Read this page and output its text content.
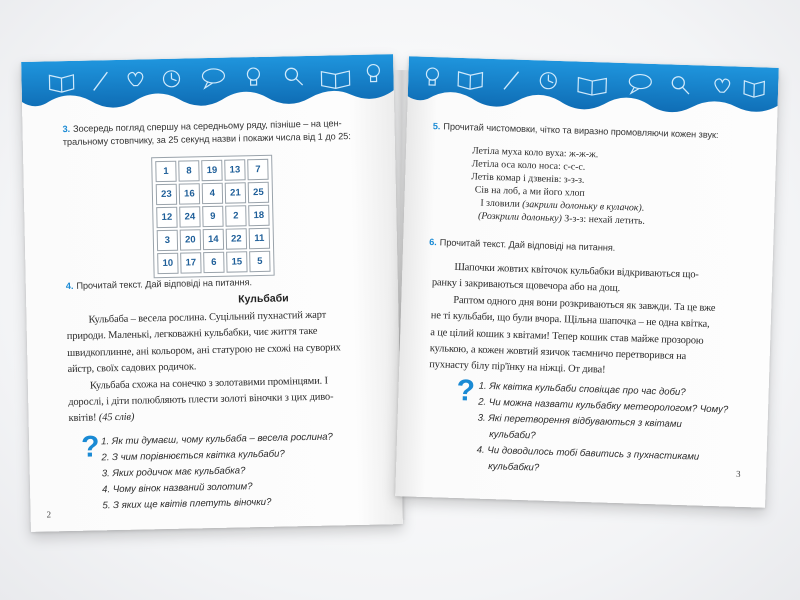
3. Зосередь погляд спершу на середньому ряду, пізніше – на цен-
тральному стовпчику, за 25 секунд назви і покажи числа від 1 до 25:
1	8	19	13	7
23	16	4	21	25
12	24	9	2	18
3	20	14	22	11
10	17	6	15	5
4. Прочитай текст. Дай відповіді на питання.
Кульбаби
Кульбаба – весела рослина. Суцільний пухнастий жарт
природи. Маленькі, легковажні кульбабки, чиє життя таке
швидкоплинне, ані кольором, ані статурою не схожі на суворих
айстр, своїх садових родичок.
Кульбаба схожа на сонечко з золотавими промінцями. І
дорослі, і діти полюбляють плести золоті віночки з цих диво-
квітів! (45 слів)
? 1. Як ти думаєш, чому кульбаба – весела рослина?
2. З чим порівнюється квітка кульбаби?
3. Яких родичок має кульбабка?
4. Чому вінок названий золотим?
5. З яких ще квітів плетуть віночки?
2
5. Прочитай чистомовки, чітко та виразно промовляючи кожен звук:
Летіла муха коло вуха: ж-ж-ж.
Летіла оса коло носа: с-с-с.
Летів комар і дзвенів: з-з-з.
Сів на лоб, а ми його хлоп
І зловили (закрили долоньку в кулачок).
(Розкрили долоньку) З-з-з: нехай летить.
6. Прочитай текст. Дай відповіді на питання.
Шапочки жовтих квіточок кульбабки відкриваються що-
ранку і закриваються щовечора або на дощ.
Раптом одного дня вони розкриваються як завжди. Та це вже
не ті кульбаби, що були вчора. Щільна шапочка – не одна квітка,
а це цілий кошик з квітами! Тепер кошик став майже прозорою
кулькою, а кожен жовтий язичок таємничо перетворився на
пухнасту білу пір'їнку на ніжці. От дива!
? 1. Як квітка кульбаби сповіщає про час доби?
2. Чи можна назвати кульбабку метеорологом? Чому?
3. Які перетворення відбуваються з квітами
кульбаби?
4. Чи доводилось тобі бавитись з пухнастиками
кульбабки?
3
